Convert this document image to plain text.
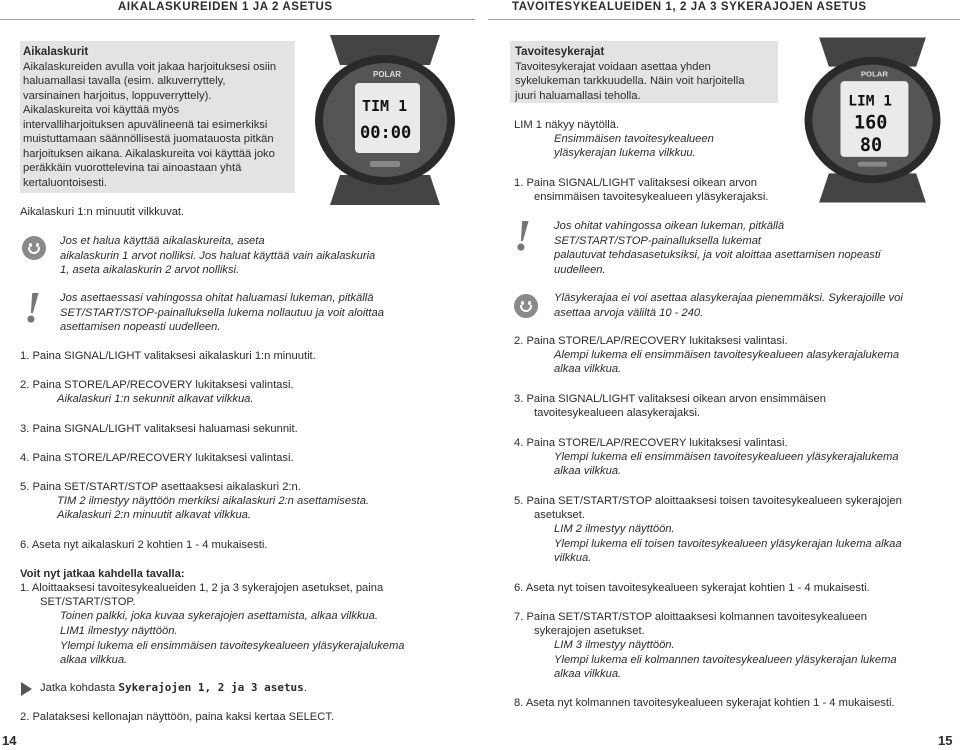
AIKALASKUREIDEN 1 JA 2 ASETUS	TAVOITESYKEALUEIDEN 1, 2 JA 3 SYKERAJOJEN ASETUS
Aikalaskurit
Aikalaskureiden avulla voit jakaa harjoituksesi osiin
haluamallasi tavalla (esim. alkuverryttely,
varsinainen harjoitus, loppuverryttely).
Aikalaskureita voi käyttää myös
intervalliharjoituksen apuvälineenä tai esimerkiksi
muistuttamaan säännöllisestä juomatauosta pitkän
harjoituksen aikana. Aikalaskureita voi käyttää joko
peräkkäin vuorottelevina tai ainoastaan yhtä
kertaluontoisesti.
POLAR
TIM 1
00:00
Aikalaskuri 1:n minuutit vilkkuvat.
Jos et halua käyttää aikalaskureita, aseta
aikalaskurin 1 arvot nolliksi. Jos haluat käyttää vain aikalaskuria
1, aseta aikalaskurin 2 arvot nolliksi.
! Jos asettaessasi vahingossa ohitat haluamasi lukeman, pitkällä
SET/START/STOP-painalluksella lukema nollautuu ja voit aloittaa
asettamisen nopeasti uudelleen.
1. Paina SIGNAL/LIGHT valitaksesi aikalaskuri 1:n minuutit.
2. Paina STORE/LAP/RECOVERY lukitaksesi valintasi.
Aikalaskuri 1:n sekunnit alkavat vilkkua.
3. Paina SIGNAL/LIGHT valitaksesi haluamasi sekunnit.
4. Paina STORE/LAP/RECOVERY lukitaksesi valintasi.
5. Paina SET/START/STOP asettaaksesi aikalaskuri 2:n.
TIM 2 ilmestyy näyttöön merkiksi aikalaskuri 2:n asettamisesta.
Aikalaskuri 2:n minuutit alkavat vilkkua.
6. Aseta nyt aikalaskuri 2 kohtien 1 - 4 mukaisesti.
Voit nyt jatkaa kahdella tavalla:
1. Aloittaaksesi tavoitesykealueiden 1, 2 ja 3 sykerajojen asetukset, paina
SET/START/STOP.
Toinen palkki, joka kuvaa sykerajojen asettamista, alkaa vilkkua.
LIM1 ilmestyy näyttöön.
Ylempi lukema eli ensimmäisen tavoitesykealueen yläsykerajalukema
alkaa vilkkua.
Jatka kohdasta Sykerajojen 1, 2 ja 3 asetus.
2. Palataksesi kellonajan näyttöön, paina kaksi kertaa SELECT.
14
Tavoitesykerajat
Tavoitesykerajat voidaan asettaa yhden
sykelukeman tarkkuudella. Näin voit harjoitella
juuri haluamallasi teholla.
POLAR
LIM 1
160
80
LIM 1 näkyy näytöllä.
Ensimmäisen tavoitesykealueen
yläsykerajan lukema vilkkuu.
1. Paina SIGNAL/LIGHT valitaksesi oikean arvon
ensimmäisen tavoitesykealueen yläsykerajaksi.
! Jos ohitat vahingossa oikean lukeman, pitkällä
SET/START/STOP-painalluksella lukemat
palautuvat tehdasasetuksiksi, ja voit aloittaa asettamisen nopeasti
uudelleen.
Yläsykerajaa ei voi asettaa alasykerajaa pienemmäksi. Sykerajoille voi
asettaa arvoja väliltä 10 - 240.
2. Paina STORE/LAP/RECOVERY lukitaksesi valintasi.
Alempi lukema eli ensimmäisen tavoitesykealueen alasykerajalukema
alkaa vilkkua.
3. Paina SIGNAL/LIGHT valitaksesi oikean arvon ensimmäisen
tavoitesykealueen alasykerajaksi.
4. Paina STORE/LAP/RECOVERY lukitaksesi valintasi.
Ylempi lukema eli ensimmäisen tavoitesykealueen yläsykerajalukema
alkaa vilkkua.
5. Paina SET/START/STOP aloittaaksesi toisen tavoitesykealueen sykerajojen
asetukset.
LIM 2 ilmestyy näyttöön.
Ylempi lukema eli toisen tavoitesykealueen yläsykerajan lukema alkaa
vilkkua.
6. Aseta nyt toisen tavoitesykealueen sykerajat kohtien 1 - 4 mukaisesti.
7. Paina SET/START/STOP aloittaaksesi kolmannen tavoitesykealueen
sykerajojen asetukset.
LIM 3 ilmestyy näyttöön.
Ylempi lukema eli kolmannen tavoitesykealueen yläsykerajan lukema
alkaa vilkkua.
8. Aseta nyt kolmannen tavoitesykealueen sykerajat kohtien 1 - 4 mukaisesti.
15
